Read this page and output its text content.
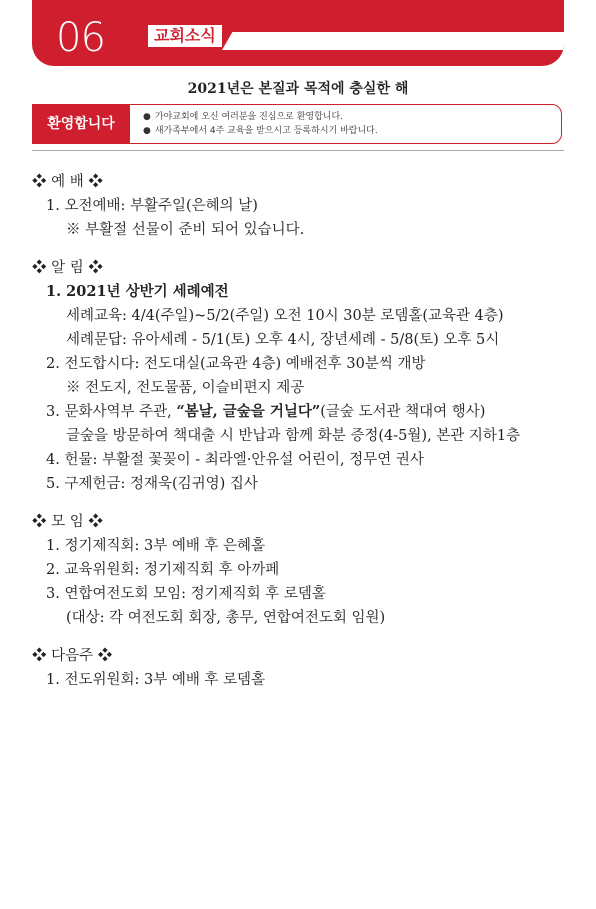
06	교회소식
2021년은 본질과 목적에 충실한 해
환영합니다	● 가야교회에 오신 여러분을 진심으로 환영합니다.
● 새가족부에서 4주 교육을 받으시고 등록하시기 바랍니다.
❖ 예 배 ❖
1. 오전예배: 부활주일(은혜의 날)
※ 부활절 선물이 준비 되어 있습니다.
❖ 알 림 ❖
1. 2021년 상반기 세례예전
세례교육: 4/4(주일)~5/2(주일) 오전 10시 30분 로뎀홀(교육관 4층)
세례문답: 유아세례 - 5/1(토) 오후 4시, 장년세례 - 5/8(토) 오후 5시
2. 전도합시다: 전도대실(교육관 4층) 예배전후 30분씩 개방
※ 전도지, 전도물품, 이슬비편지 제공
3. 문화사역부 주관, “봄날, 글숲을 거닐다”(글숲 도서관 책대여 행사)
글숲을 방문하여 책대출 시 반납과 함께 화분 증정(4-5월), 본관 지하1층
4. 헌물: 부활절 꽃꽂이 - 최라엘·안유설 어린이, 정무연 권사
5. 구제헌금: 정재욱(김귀영) 집사
❖ 모 임 ❖
1. 정기제직회: 3부 예배 후 은혜홀
2. 교육위원회: 정기제직회 후 아까페
3. 연합여전도회 모임: 정기제직회 후 로뎀홀
(대상: 각 여전도회 회장, 총무, 연합여전도회 임원)
❖ 다음주 ❖
1. 전도위원회: 3부 예배 후 로뎀홀
